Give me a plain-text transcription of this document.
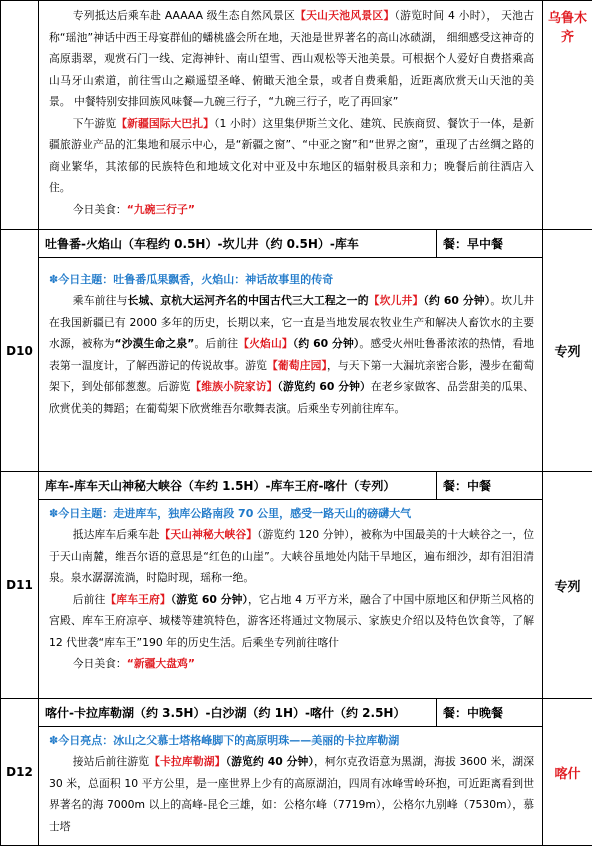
	专列抵达后乘车赴 AAAAA 级生态自然风景区【天山天池风景区】（游览时间 4 小时）， 天池古称“瑶池”神话中西王母宴群仙的蟠桃盛会所在地，天池是世界著名的高山冰碛湖， 细细感受这神奇的高原翡翠，观赏石门一线、定海神针、南山望雪、西山观松等天池美景。可根据个人爱好自费搭乘高山马牙山索道，前往雪山之巅遥望圣峰、俯瞰天池全景，或者自费乘船，近距离欣赏天山天池的美景。 中餐特别安排回族风味餐—九碗三行子，“九碗三行子，吃了再回家”

下午游览【新疆国际大巴扎】（1 小时）这里集伊斯兰文化、建筑、民族商贸、餐饮于一体，是新疆旅游业产品的汇集地和展示中心，是“新疆之窗”、“中亚之窗”和“世界之窗”，重现了古丝绸之路的商业繁华，其浓郁的民族特色和地域文化对中亚及中东地区的辐射极具亲和力；晚餐后前往酒店入住。

今日美食：“九碗三行子”		乌鲁木齐
D10	吐鲁番-火焰山（车程约 0.5H）-坎儿井（约 0.5H）-库车	餐：早中餐	专列

	✽今日主题：吐鲁番瓜果飘香，火焰山：神话故事里的传奇

乘车前往与长城、京杭大运河齐名的中国古代三大工程之一的【坎儿井】（约 60 分钟）。坎儿井在我国新疆已有 2000 多年的历史，长期以来，它一直是当地发展农牧业生产和解决人畜饮水的主要水源，被称为“沙漠生命之泉”。后前往【火焰山】（约 60 分钟）。感受火州吐鲁番浓浓的热情，看地表第一温度计，了解西游记的传说故事。游览【葡萄庄园】，与天下第一大漏坑亲密合影，漫步在葡萄架下，到处郁郁葱葱。后游览【维族小院家访】（游览约 60 分钟）在老乡家做客、品尝甜美的瓜果、欣赏优美的舞蹈；在葡萄架下欣赏维吾尔歌舞表演。后乘坐专列前往库车。		

D11	库车-库车天山神秘大峡谷（车约 1.5H）-库车王府-喀什（专列）	餐：中餐	专列

	✽今日主题：走进库车，独库公路南段 70 公里，感受一路天山的磅礴大气

抵达库车后乘车赴【天山神秘大峡谷】（游览约 120 分钟），被称为中国最美的十大峡谷之一，位于天山南麓，维吾尔语的意思是“红色的山崖”。大峡谷虽地处内陆干旱地区，遍布细沙，却有泪泪清泉。泉水潺潺流淌，时隐时现，瑶称一绝。

后前往【库车王府】（游览 60 分钟），它占地 4 万平方米，融合了中国中原地区和伊斯兰风格的宫殿、库车王府凉亭、城楼等建筑特色，游客还将通过文物展示、家族史介绍以及特色饮食等，了解 12 代世袭“库车王”190 年的历史生活。后乘坐专列前往喀什

今日美食：“新疆大盘鸡”		

D12	喀什-卡拉库勒湖（约 3.5H）-白沙湖（约 1H）-喀什（约 2.5H）	餐：中晚餐	喀什

	✽今日亮点：冰山之父慕士塔格峰脚下的高原明珠——美丽的卡拉库勒湖

接站后前往游览【卡拉库勒湖】（游览约 40 分钟），柯尔克孜语意为黑湖，海拔 3600 米，湖深 30 米，总面积 10 平方公里，是一座世界上少有的高原湖泊，四周有冰峰雪岭环抱，可近距离看到世界著名的海 7000m 以上的高峰-昆仑三雄，如：公格尔峰（7719m），公格尔九别峰（7530m），慕士塔		
